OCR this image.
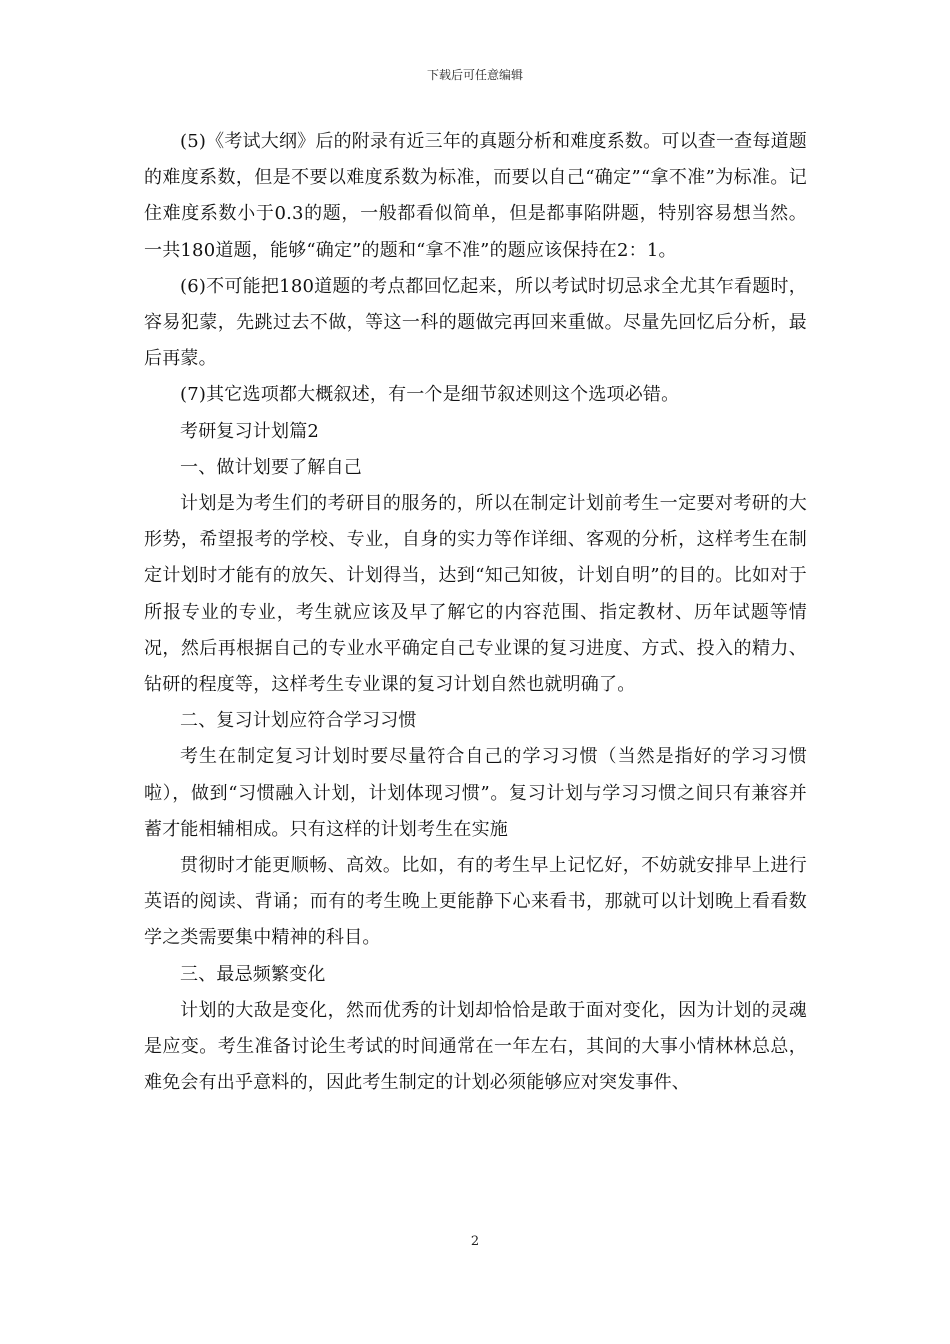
下载后可任意编辑

(5)《考试大纲》后的附录有近三年的真题分析和难度系数。可以查一查每道题的难度系数，但是不要以难度系数为标准，而要以自己“确定”“拿不准”为标准。记住难度系数小于0.3的题，一般都看似简单，但是都事陷阱题，特别容易想当然。一共180道题，能够“确定”的题和“拿不准”的题应该保持在2：1。

(6)不可能把180道题的考点都回忆起来，所以考试时切忌求全尤其乍看题时，容易犯蒙，先跳过去不做，等这一科的题做完再回来重做。尽量先回忆后分析，最后再蒙。

(7)其它选项都大概叙述，有一个是细节叙述则这个选项必错。

考研复习计划篇2

一、做计划要了解自己

计划是为考生们的考研目的服务的，所以在制定计划前考生一定要对考研的大形势，希望报考的学校、专业，自身的实力等作详细、客观的分析，这样考生在制定计划时才能有的放矢、计划得当，达到“知己知彼，计划自明”的目的。比如对于所报专业的专业，考生就应该及早了解它的内容范围、指定教材、历年试题等情况，然后再根据自己的专业水平确定自己专业课的复习进度、方式、投入的精力、钻研的程度等，这样考生专业课的复习计划自然也就明确了。

二、复习计划应符合学习习惯

考生在制定复习计划时要尽量符合自己的学习习惯（当然是指好的学习习惯啦），做到“习惯融入计划，计划体现习惯”。复习计划与学习习惯之间只有兼容并蓄才能相辅相成。只有这样的计划考生在实施

贯彻时才能更顺畅、高效。比如，有的考生早上记忆好，不妨就安排早上进行英语的阅读、背诵；而有的考生晚上更能静下心来看书，那就可以计划晚上看看数学之类需要集中精神的科目。

三、最忌频繁变化

计划的大敌是变化，然而优秀的计划却恰恰是敢于面对变化，因为计划的灵魂是应变。考生准备讨论生考试的时间通常在一年左右，其间的大事小情林林总总，难免会有出乎意料的，因此考生制定的计划必须能够应对突发事件、

2
